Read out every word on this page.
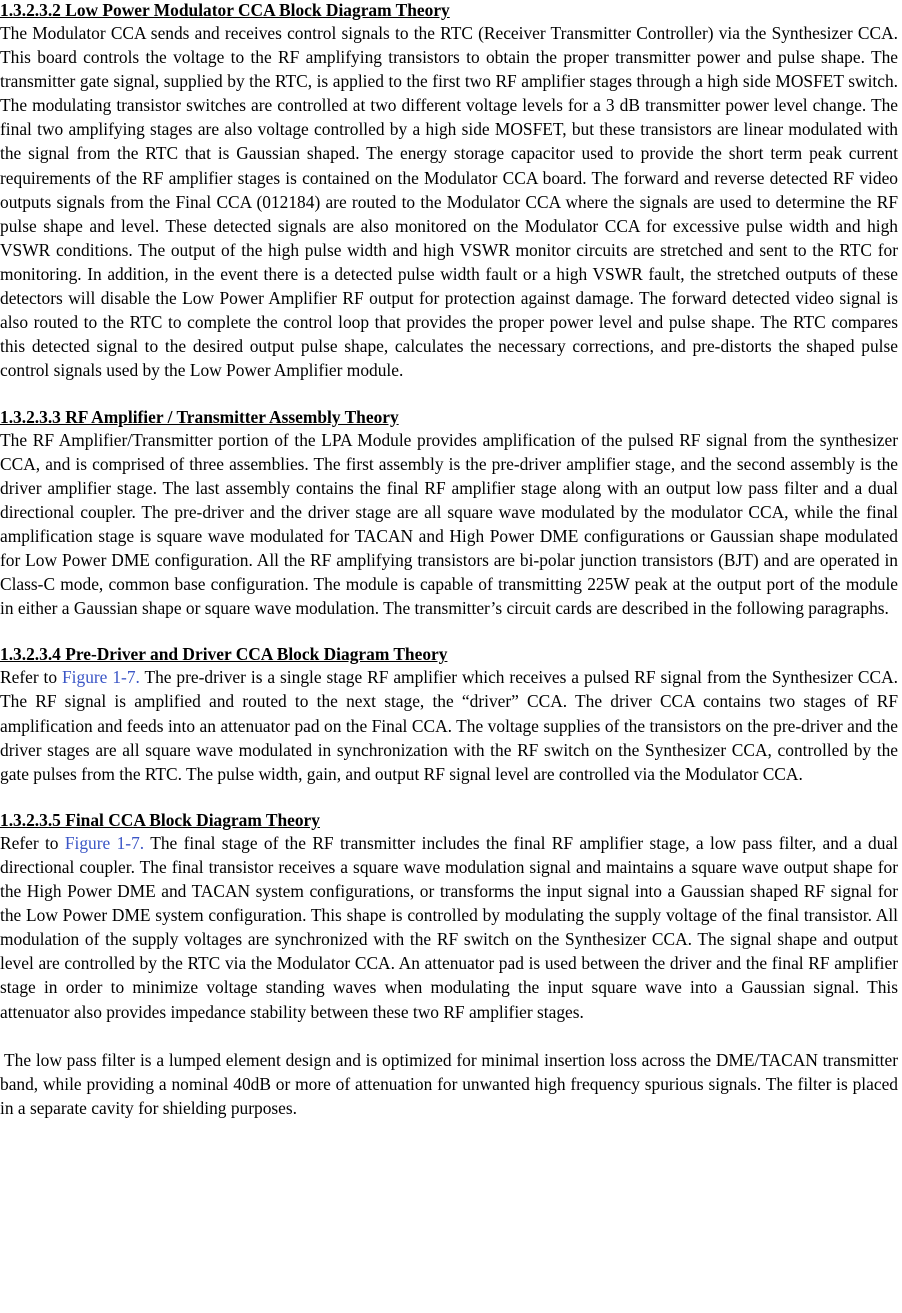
1.3.2.3.2 Low Power Modulator CCA Block Diagram Theory

The Modulator CCA sends and receives control signals to the RTC (Receiver Transmitter Controller) via the Synthesizer CCA. This board controls the voltage to the RF amplifying transistors to obtain the proper transmitter power and pulse shape. The transmitter gate signal, supplied by the RTC, is applied to the first two RF amplifier stages through a high side MOSFET switch. The modulating transistor switches are controlled at two different voltage levels for a 3 dB transmitter power level change. The final two amplifying stages are also voltage controlled by a high side MOSFET, but these transistors are linear modulated with the signal from the RTC that is Gaussian shaped. The energy storage capacitor used to provide the short term peak current requirements of the RF amplifier stages is contained on the Modulator CCA board. The forward and reverse detected RF video outputs signals from the Final CCA (012184) are routed to the Modulator CCA where the signals are used to determine the RF pulse shape and level. These detected signals are also monitored on the Modulator CCA for excessive pulse width and high VSWR conditions. The output of the high pulse width and high VSWR monitor circuits are stretched and sent to the RTC for monitoring. In addition, in the event there is a detected pulse width fault or a high VSWR fault, the stretched outputs of these detectors will disable the Low Power Amplifier RF output for protection against damage. The forward detected video signal is also routed to the RTC to complete the control loop that provides the proper power level and pulse shape. The RTC compares this detected signal to the desired output pulse shape, calculates the necessary corrections, and pre-distorts the shaped pulse control signals used by the Low Power Amplifier module.

1.3.2.3.3 RF Amplifier / Transmitter Assembly Theory

The RF Amplifier/Transmitter portion of the LPA Module provides amplification of the pulsed RF signal from the synthesizer CCA, and is comprised of three assemblies. The first assembly is the pre-driver amplifier stage, and the second assembly is the driver amplifier stage. The last assembly contains the final RF amplifier stage along with an output low pass filter and a dual directional coupler. The pre-driver and the driver stage are all square wave modulated by the modulator CCA, while the final amplification stage is square wave modulated for TACAN and High Power DME configurations or Gaussian shape modulated for Low Power DME configuration. All the RF amplifying transistors are bi-polar junction transistors (BJT) and are operated in Class-C mode, common base configuration. The module is capable of transmitting 225W peak at the output port of the module in either a Gaussian shape or square wave modulation. The transmitter’s circuit cards are described in the following paragraphs.

1.3.2.3.4 Pre-Driver and Driver CCA Block Diagram Theory

Refer to Figure 1-7. The pre-driver is a single stage RF amplifier which receives a pulsed RF signal from the Synthesizer CCA. The RF signal is amplified and routed to the next stage, the “driver” CCA. The driver CCA contains two stages of RF amplification and feeds into an attenuator pad on the Final CCA. The voltage supplies of the transistors on the pre-driver and the driver stages are all square wave modulated in synchronization with the RF switch on the Synthesizer CCA, controlled by the gate pulses from the RTC. The pulse width, gain, and output RF signal level are controlled via the Modulator CCA.

1.3.2.3.5 Final CCA Block Diagram Theory

Refer to Figure 1-7. The final stage of the RF transmitter includes the final RF amplifier stage, a low pass filter, and a dual directional coupler. The final transistor receives a square wave modulation signal and maintains a square wave output shape for the High Power DME and TACAN system configurations, or transforms the input signal into a Gaussian shaped RF signal for the Low Power DME system configuration. This shape is controlled by modulating the supply voltage of the final transistor. All modulation of the supply voltages are synchronized with the RF switch on the Synthesizer CCA. The signal shape and output level are controlled by the RTC via the Modulator CCA. An attenuator pad is used between the driver and the final RF amplifier stage in order to minimize voltage standing waves when modulating the input square wave into a Gaussian signal. This attenuator also provides impedance stability between these two RF amplifier stages.

The low pass filter is a lumped element design and is optimized for minimal insertion loss across the DME/TACAN transmitter band, while providing a nominal 40dB or more of attenuation for unwanted high frequency spurious signals. The filter is placed in a separate cavity for shielding purposes.
